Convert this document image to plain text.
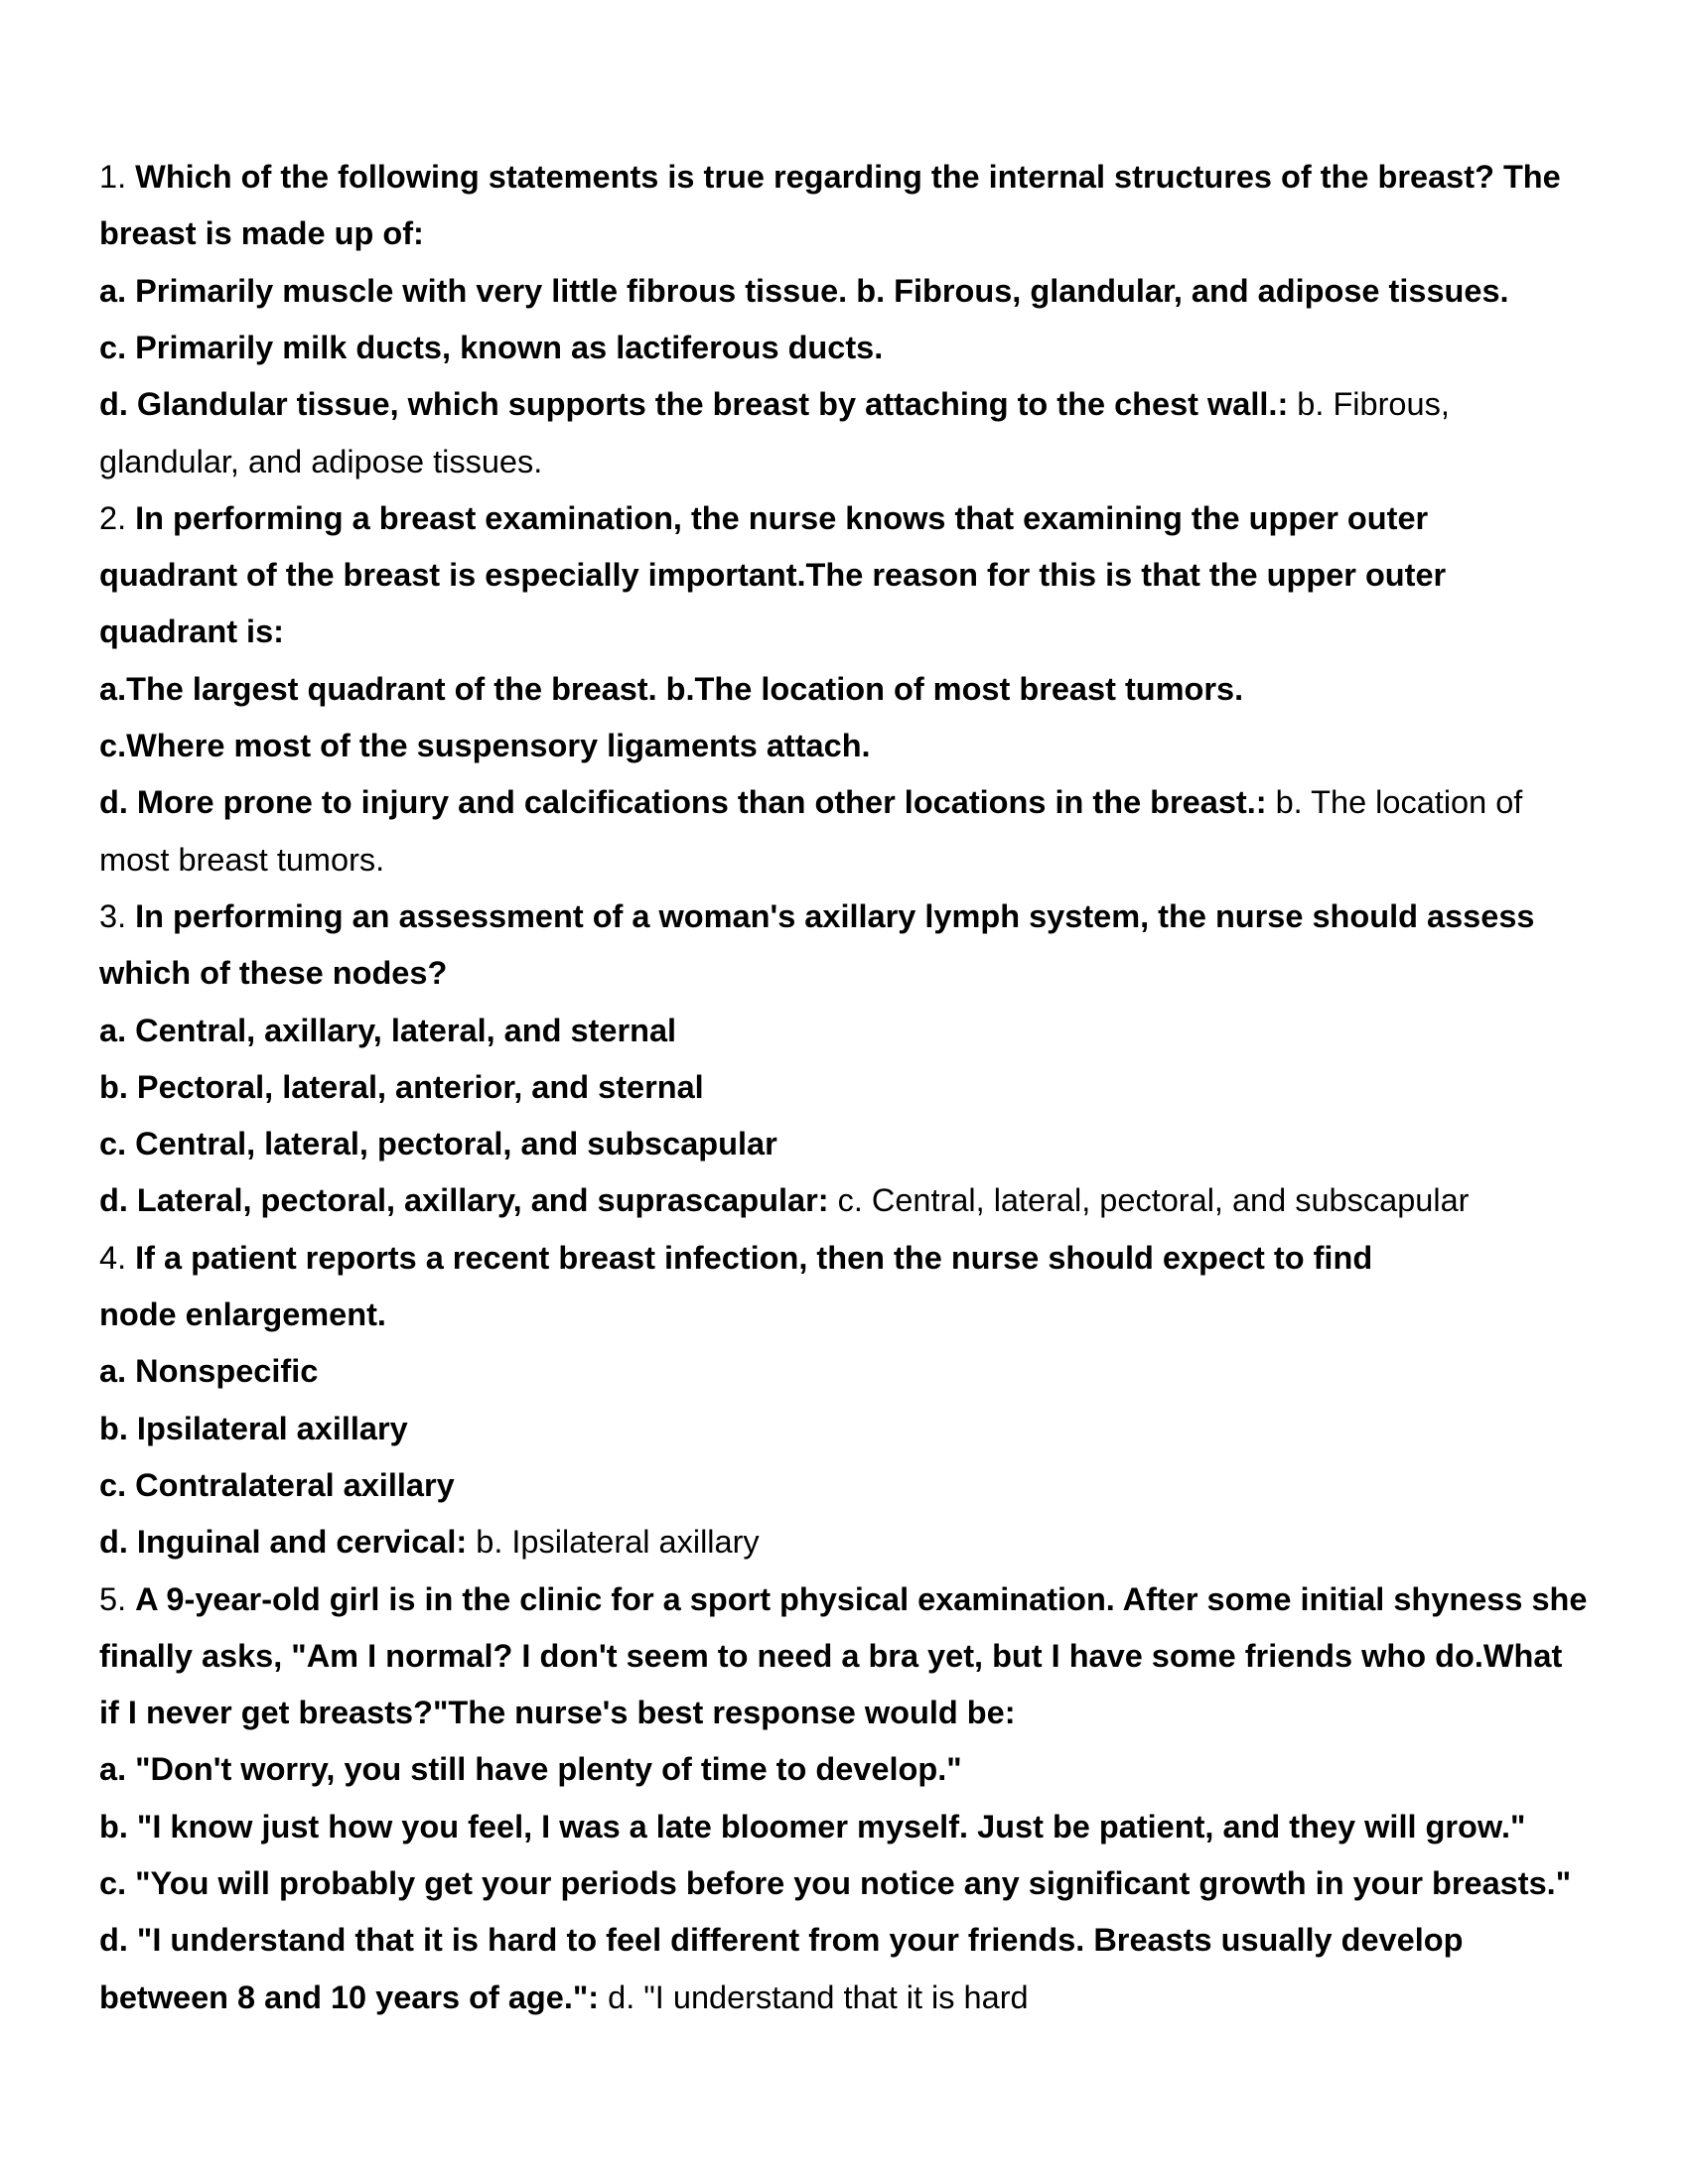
1. Which of the following statements is true regarding the internal structures of the breast? The
breast is made up of:
a. Primarily muscle with very little fibrous tissue. b. Fibrous, glandular, and adipose tissues.
c. Primarily milk ducts, known as lactiferous ducts.
d. Glandular tissue, which supports the breast by attaching to the chest wall.: b. Fibrous,
glandular, and adipose tissues.
2. In performing a breast examination, the nurse knows that examining the upper outer
quadrant of the breast is especially important.The reason for this is that the upper outer
quadrant is:
a.The largest quadrant of the breast. b.The location of most breast tumors.
c.Where most of the suspensory ligaments attach.
d. More prone to injury and calcifications than other locations in the breast.: b. The location of
most breast tumors.
3. In performing an assessment of a woman's axillary lymph system, the nurse should assess
which of these nodes?
a. Central, axillary, lateral, and sternal
b. Pectoral, lateral, anterior, and sternal
c. Central, lateral, pectoral, and subscapular
d. Lateral, pectoral, axillary, and suprascapular: c. Central, lateral, pectoral, and subscapular
4. If a patient reports a recent breast infection, then the nurse should expect to find
node enlargement.
a. Nonspecific
b. Ipsilateral axillary
c. Contralateral axillary
d. Inguinal and cervical: b. Ipsilateral axillary
5. A 9-year-old girl is in the clinic for a sport physical examination. After some initial shyness she
finally asks, "Am I normal? I don't seem to need a bra yet, but I have some friends who do.What
if I never get breasts?"The nurse's best response would be:
a. "Don't worry, you still have plenty of time to develop."
b. "I know just how you feel, I was a late bloomer myself. Just be patient, and they will grow."
c. "You will probably get your periods before you notice any significant growth in your breasts."
d. "I understand that it is hard to feel different from your friends. Breasts usually develop
between 8 and 10 years of age.": d. "I understand that it is hard
